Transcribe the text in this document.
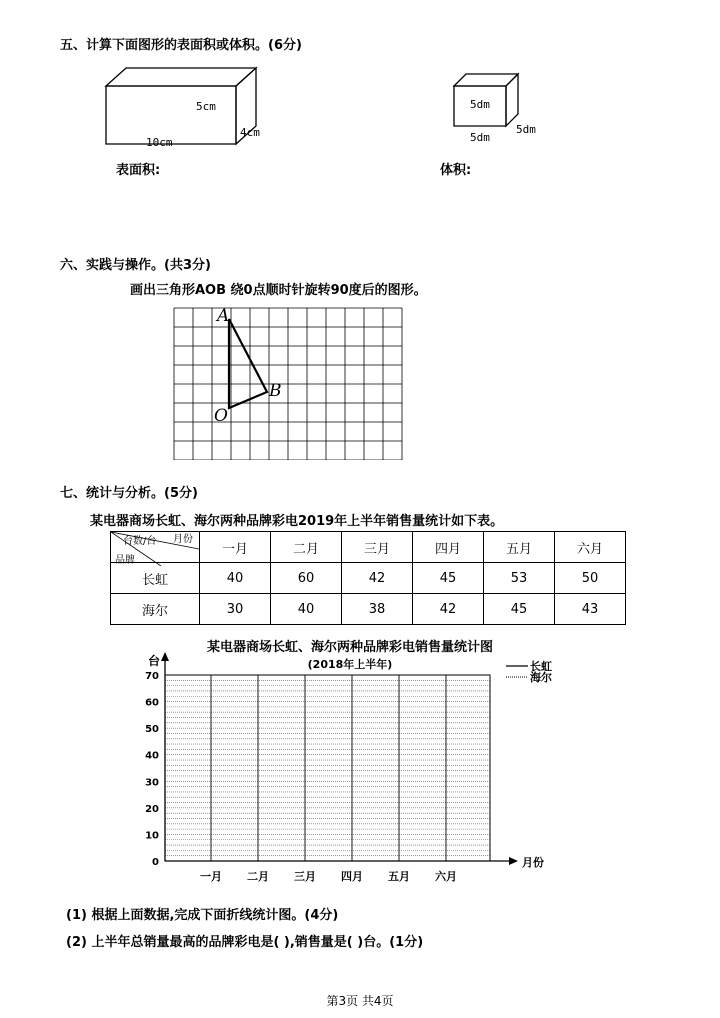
五、计算下面图形的表面积或体积。(6分)
5cm
10cm
4cm
5dm
5dm
5dm
表面积:	体积:
六、实践与操作。(共3分)
画出三角形AOB 绕0点顺时针旋转90度后的图形。
A
B
O
七、统计与分析。(5分)
某电器商场长虹、海尔两种品牌彩电2019年上半年销售量统计如下表。
台数/台 月份
品牌	一月	二月	三月	四月	五月	六月
长虹	40	60	42	45	53	50
海尔	30	40	38	42	45	43
某电器商场长虹、海尔两种品牌彩电销售量统计图
(2018年上半年)
0
10
20
30
40
50
60
70
台
一月 二月 三月 四月 五月 六月
月份
长虹
海尔
(1) 根据上面数据,完成下面折线统计图。(4分)
(2) 上半年总销量最高的品牌彩电是( ),销售量是( )台。(1分)
第3页 共4页
